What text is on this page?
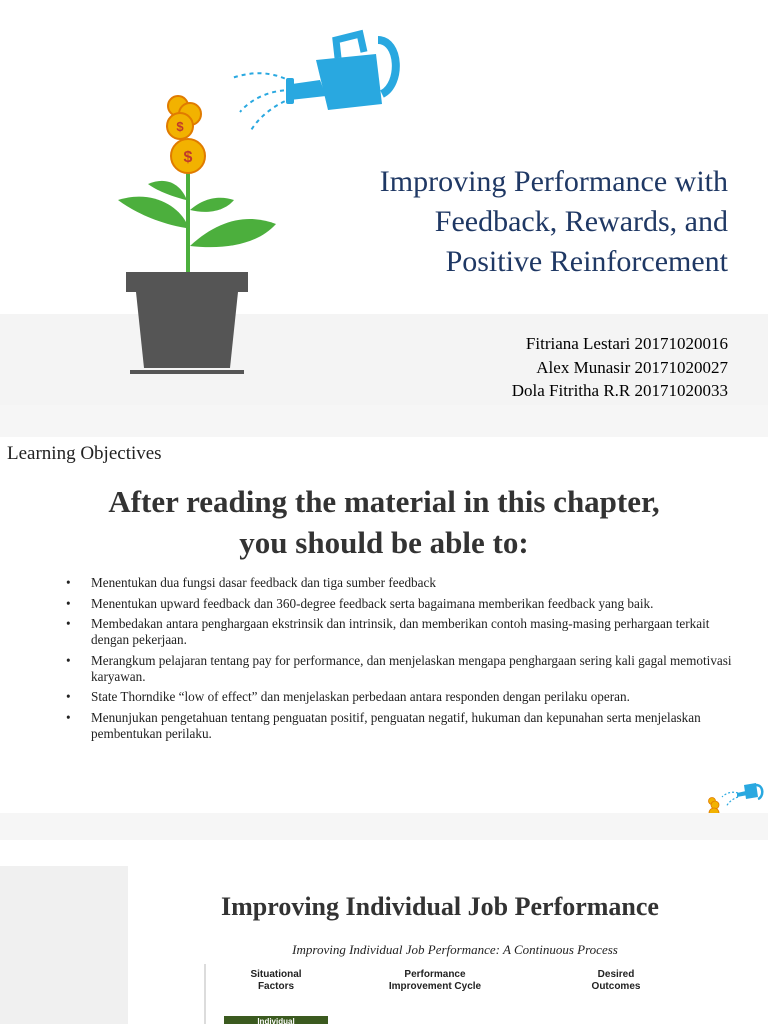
$
$
Improving Performance with
Feedback, Rewards, and
Positive Reinforcement
Fitriana Lestari 20171020016
Alex Munasir 20171020027
Dola Fitritha R.R 20171020033
Learning Objectives
After reading the material in this chapter,
you should be able to:
• Menentukan dua fungsi dasar feedback dan tiga sumber feedback
• Menentukan upward feedback dan 360-degree feedback serta bagaimana memberikan feedback yang baik.
• Membedakan antara penghargaan ekstrinsik dan intrinsik, dan memberikan contoh masing-masing perhargaan terkait dengan pekerjaan.
• Merangkum pelajaran tentang pay for performance, dan menjelaskan mengapa penghargaan sering kali gagal memotivasi karyawan.
• State Thorndike “low of effect” dan menjelaskan perbedaan antara responden dengan perilaku operan.
• Menunjukan pengetahuan tentang penguatan positif, penguatan negatif, hukuman dan kepunahan serta menjelaskan pembentukan perilaku.
Improving Individual Job Performance
Improving Individual Job Performance: A Continuous Process
Situational
Factors
Performance
Improvement Cycle
Desired
Outcomes
Individual
